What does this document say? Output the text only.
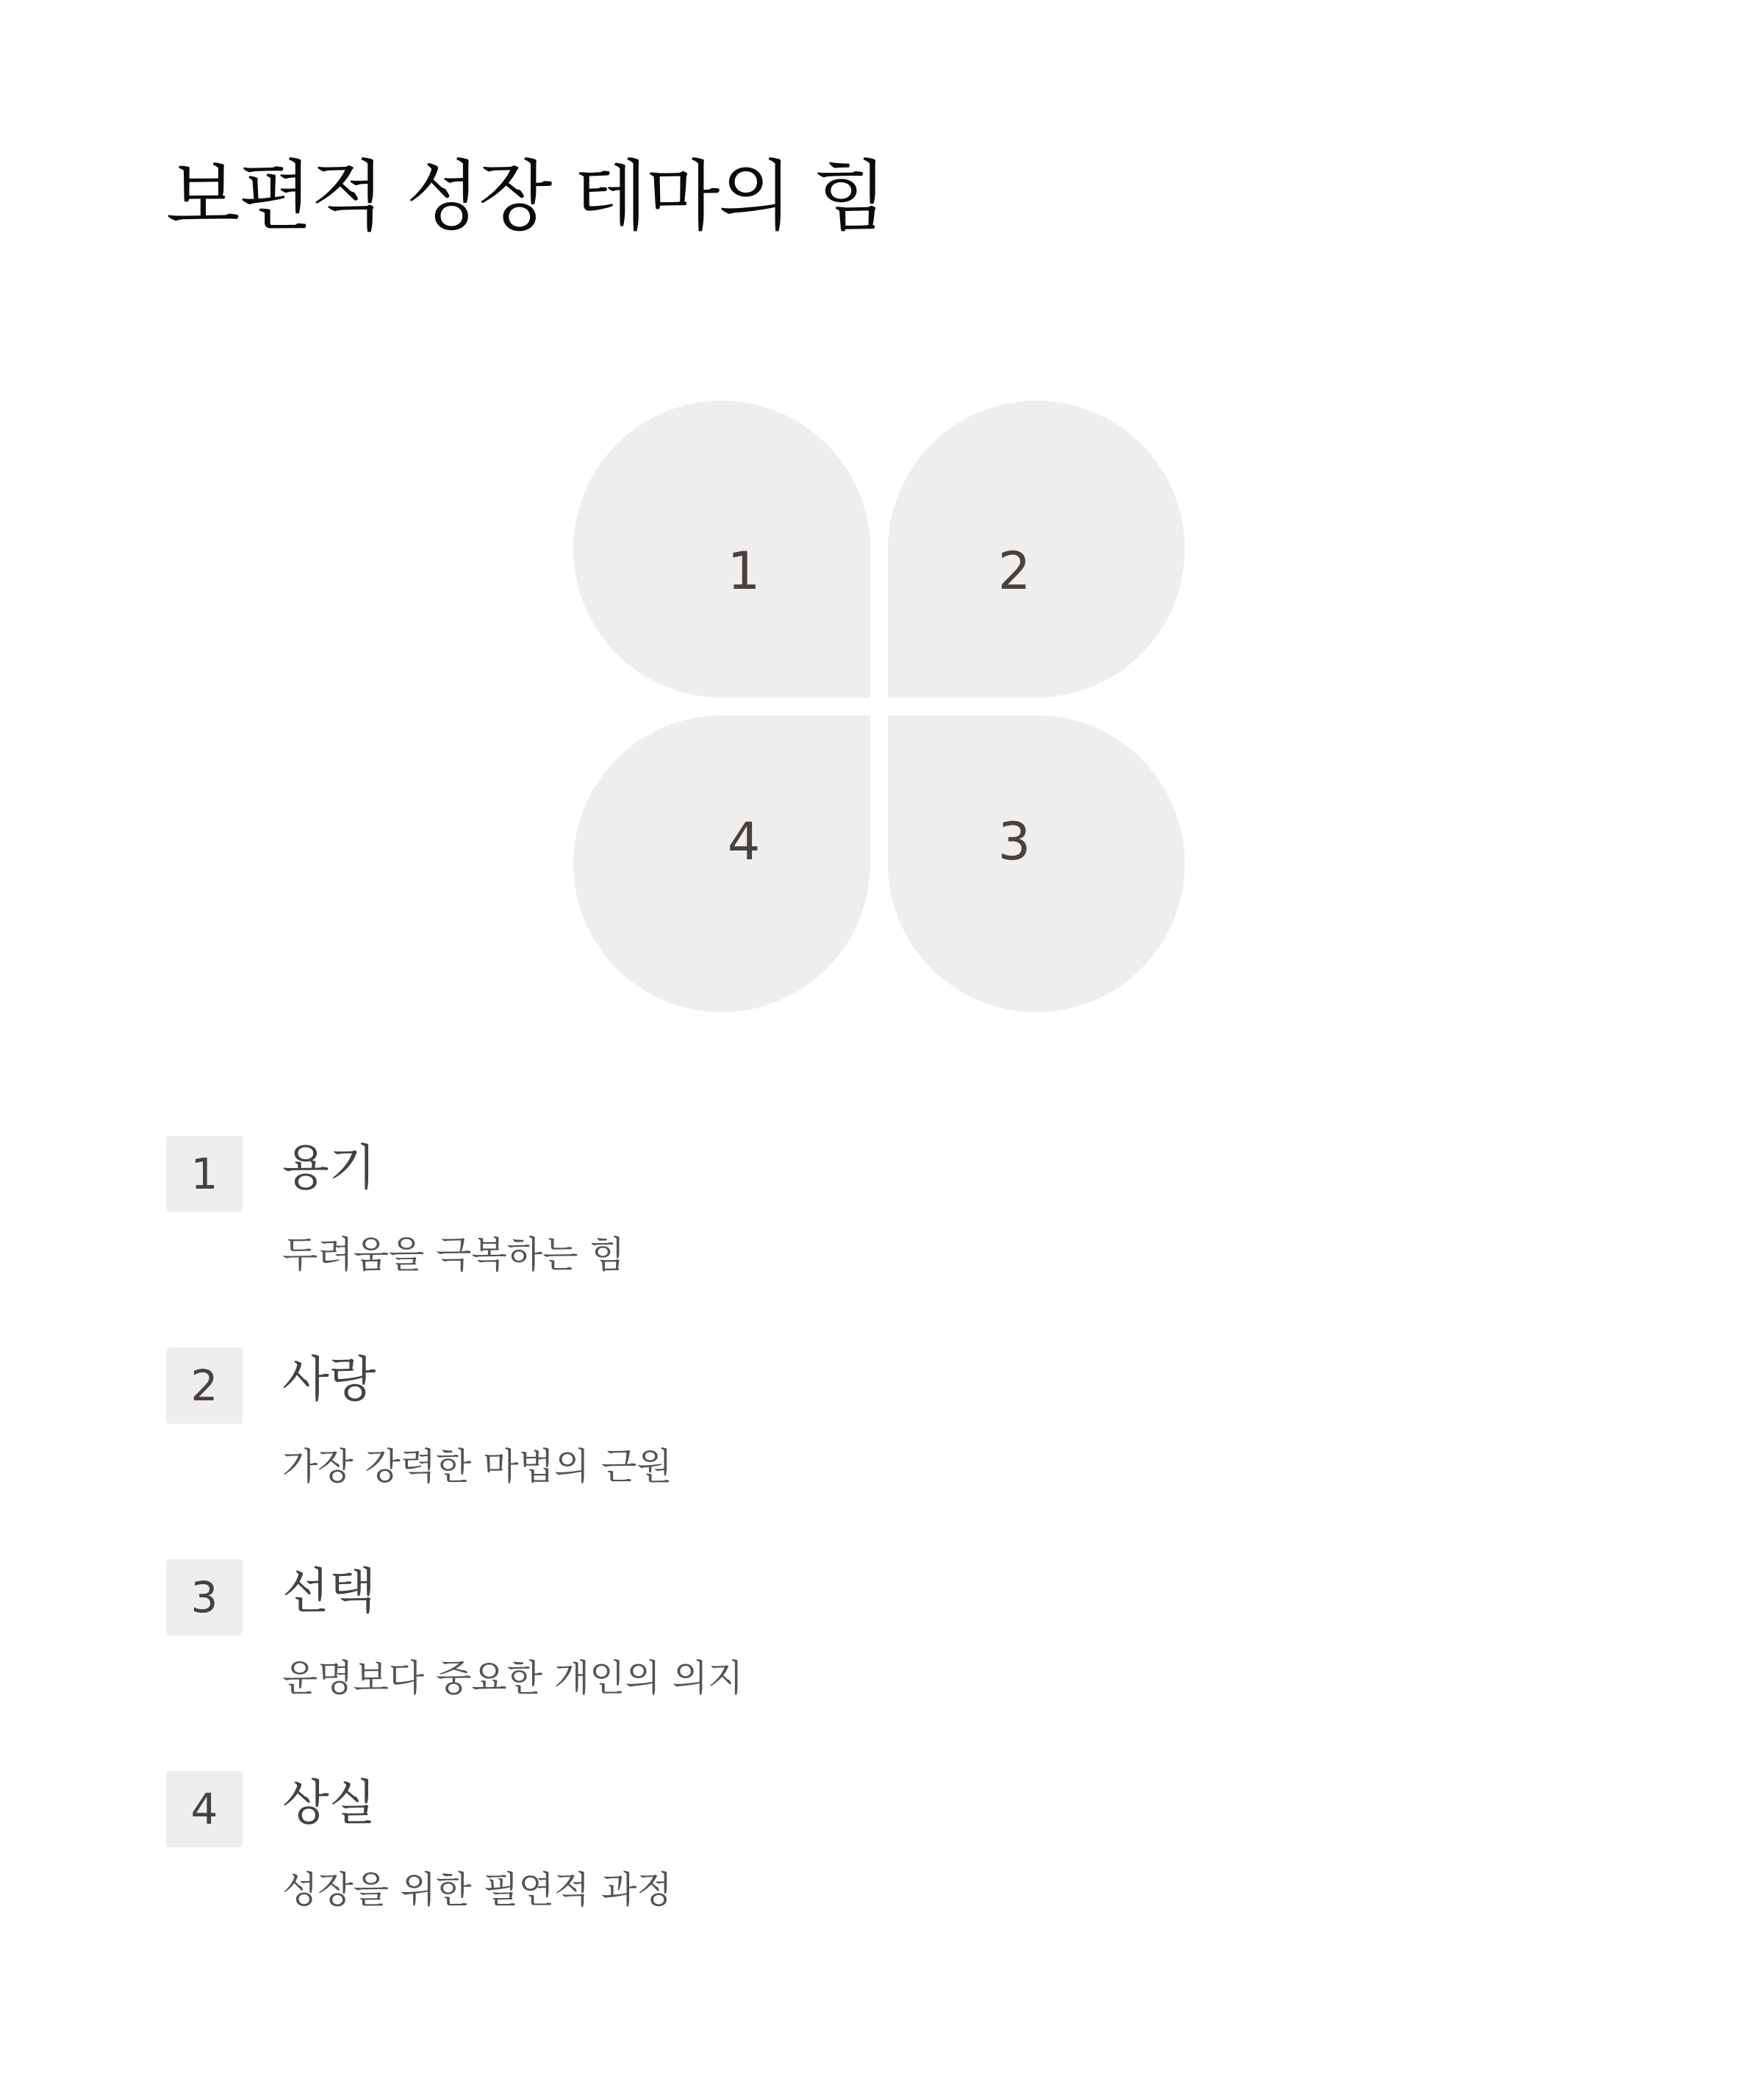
보편적 성장 테마의 힘
1	2
4	3
1	용기
두려움을 극복하는 힘
2	사랑
가장 강력한 마법의 근원
3	선택
운명보다 중요한 개인의 의지
4	상실
성장을 위한 필연적 과정
